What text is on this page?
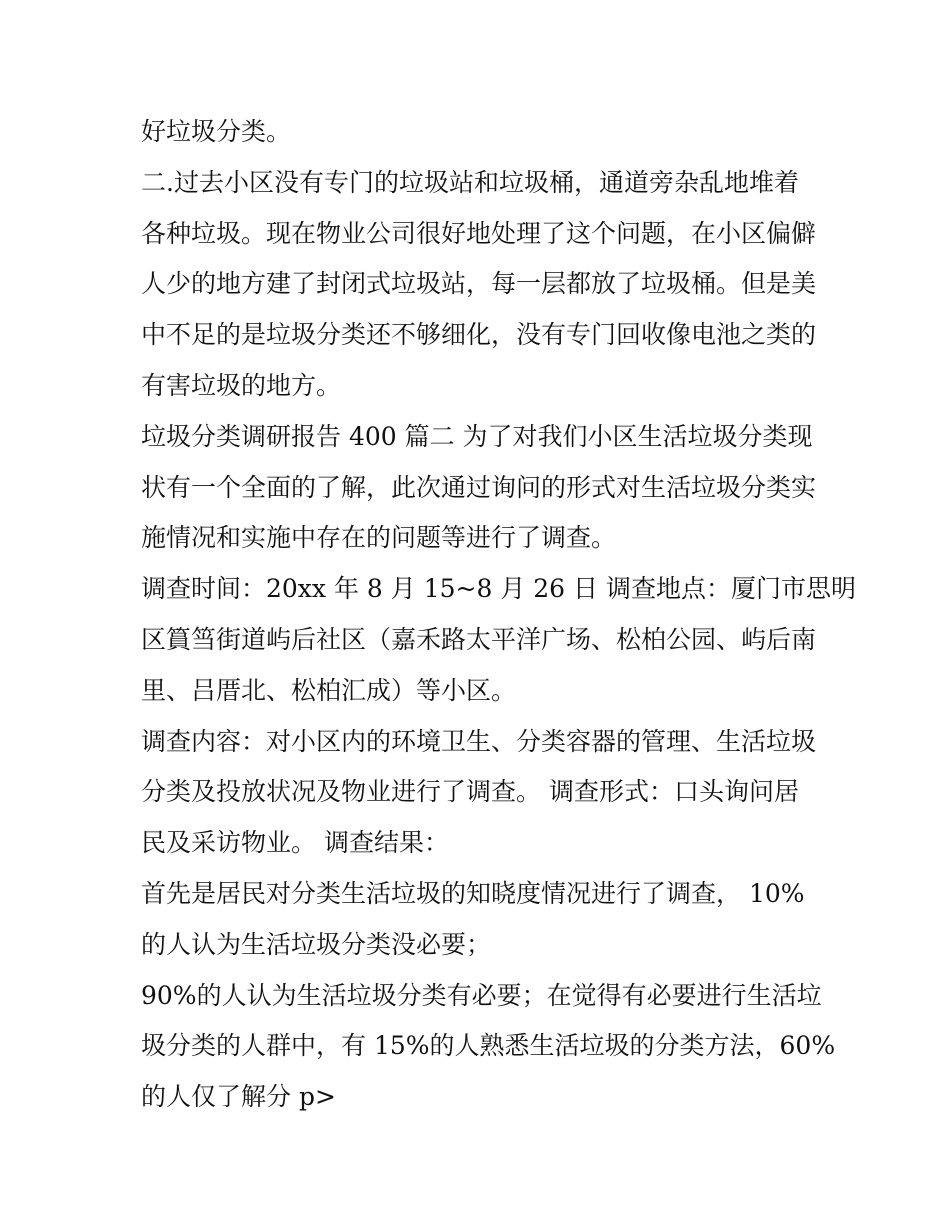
好垃圾分类。
二.过去小区没有专门的垃圾站和垃圾桶，通道旁杂乱地堆着
各种垃圾。现在物业公司很好地处理了这个问题，在小区偏僻
人少的地方建了封闭式垃圾站，每一层都放了垃圾桶。但是美
中不足的是垃圾分类还不够细化，没有专门回收像电池之类的
有害垃圾的地方。
垃圾分类调研报告 400 篇二 为了对我们小区生活垃圾分类现
状有一个全面的了解，此次通过询问的形式对生活垃圾分类实
施情况和实施中存在的问题等进行了调查。
调查时间：20xx 年 8 月 15~8 月 26 日 调查地点：厦门市思明
区篔筜街道屿后社区（嘉禾路太平洋广场、松柏公园、屿后南
里、吕厝北、松柏汇成）等小区。
调查内容：对小区内的环境卫生、分类容器的管理、生活垃圾
分类及投放状况及物业进行了调查。 调查形式：口头询问居
民及采访物业。 调查结果：
首先是居民对分类生活垃圾的知晓度情况进行了调查， 10%
的人认为生活垃圾分类没必要；
90%的人认为生活垃圾分类有必要；在觉得有必要进行生活垃
圾分类的人群中，有 15%的人熟悉生活垃圾的分类方法，60%
的人仅了解分 p>
